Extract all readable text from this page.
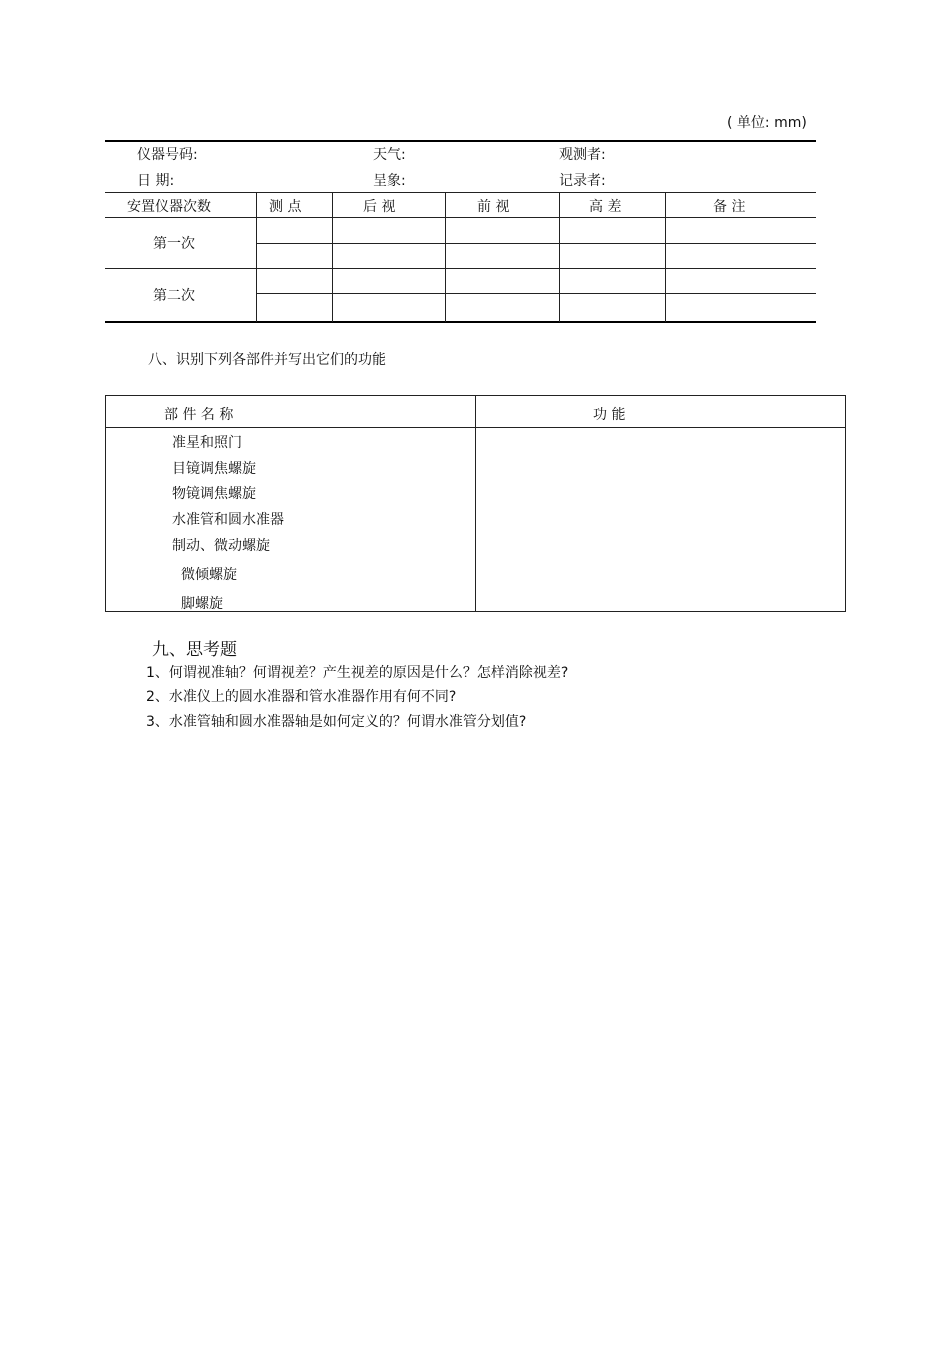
( 单位: mm)
仪器号码:	天气:	观测者:
日 期:	呈象:	记录者:
安置仪器次数	测 点	后 视	前 视	高 差	备 注
第一次
第二次
八、识别下列各部件并写出它们的功能
部 件 名 称	功 能
准星和照门
目镜调焦螺旋
物镜调焦螺旋
水准管和圆水准器
制动、微动螺旋
微倾螺旋
脚螺旋
九、思考题
1、何谓视准轴？何谓视差？产生视差的原因是什么？怎样消除视差?
2、水准仪上的圆水准器和管水准器作用有何不同?
3、水准管轴和圆水准器轴是如何定义的？何谓水准管分划值?
